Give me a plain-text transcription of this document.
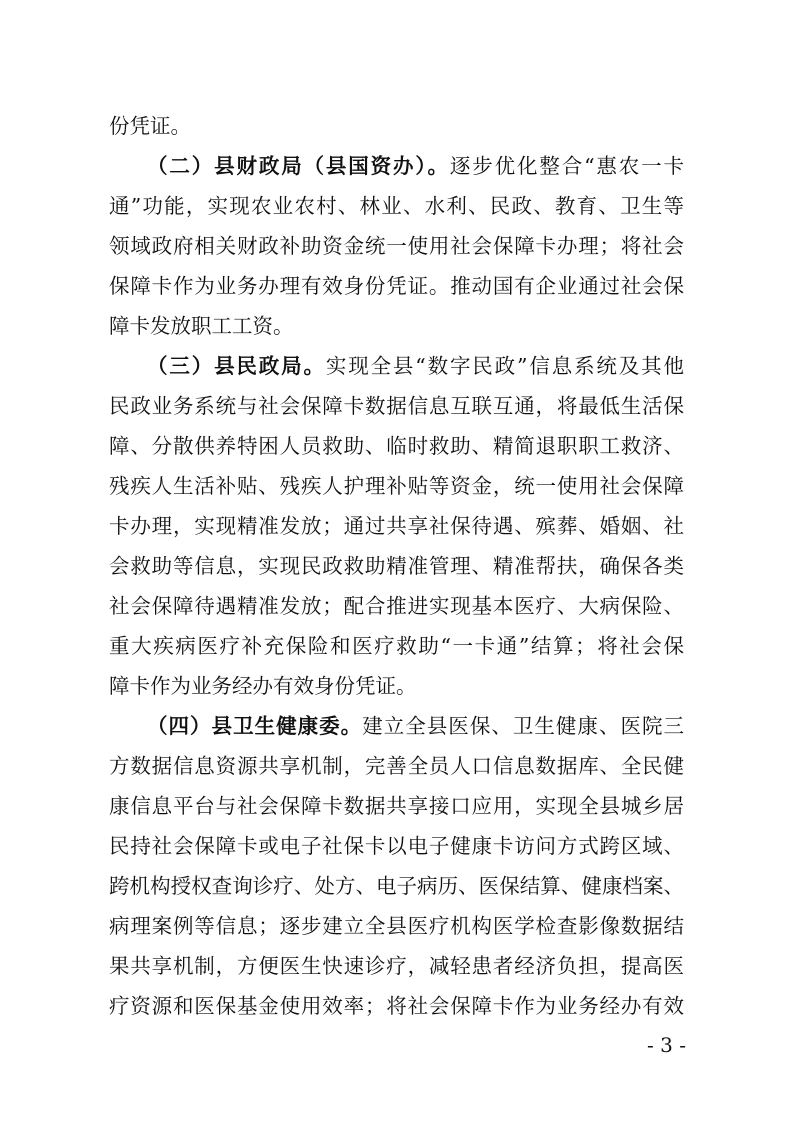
份凭证。
（二）县财政局（县国资办）。逐步优化整合“惠农一卡
通”功能，实现农业农村、林业、水利、民政、教育、卫生等
领域政府相关财政补助资金统一使用社会保障卡办理；将社会
保障卡作为业务办理有效身份凭证。推动国有企业通过社会保
障卡发放职工工资。
（三）县民政局。实现全县“数字民政”信息系统及其他
民政业务系统与社会保障卡数据信息互联互通，将最低生活保
障、分散供养特困人员救助、临时救助、精简退职职工救济、
残疾人生活补贴、残疾人护理补贴等资金，统一使用社会保障
卡办理，实现精准发放；通过共享社保待遇、殡葬、婚姻、社
会救助等信息，实现民政救助精准管理、精准帮扶，确保各类
社会保障待遇精准发放；配合推进实现基本医疗、大病保险、
重大疾病医疗补充保险和医疗救助“一卡通”结算；将社会保
障卡作为业务经办有效身份凭证。
（四）县卫生健康委。建立全县医保、卫生健康、医院三
方数据信息资源共享机制，完善全员人口信息数据库、全民健
康信息平台与社会保障卡数据共享接口应用，实现全县城乡居
民持社会保障卡或电子社保卡以电子健康卡访问方式跨区域、
跨机构授权查询诊疗、处方、电子病历、医保结算、健康档案、
病理案例等信息；逐步建立全县医疗机构医学检查影像数据结
果共享机制，方便医生快速诊疗，减轻患者经济负担，提高医
疗资源和医保基金使用效率；将社会保障卡作为业务经办有效
- 3 -
